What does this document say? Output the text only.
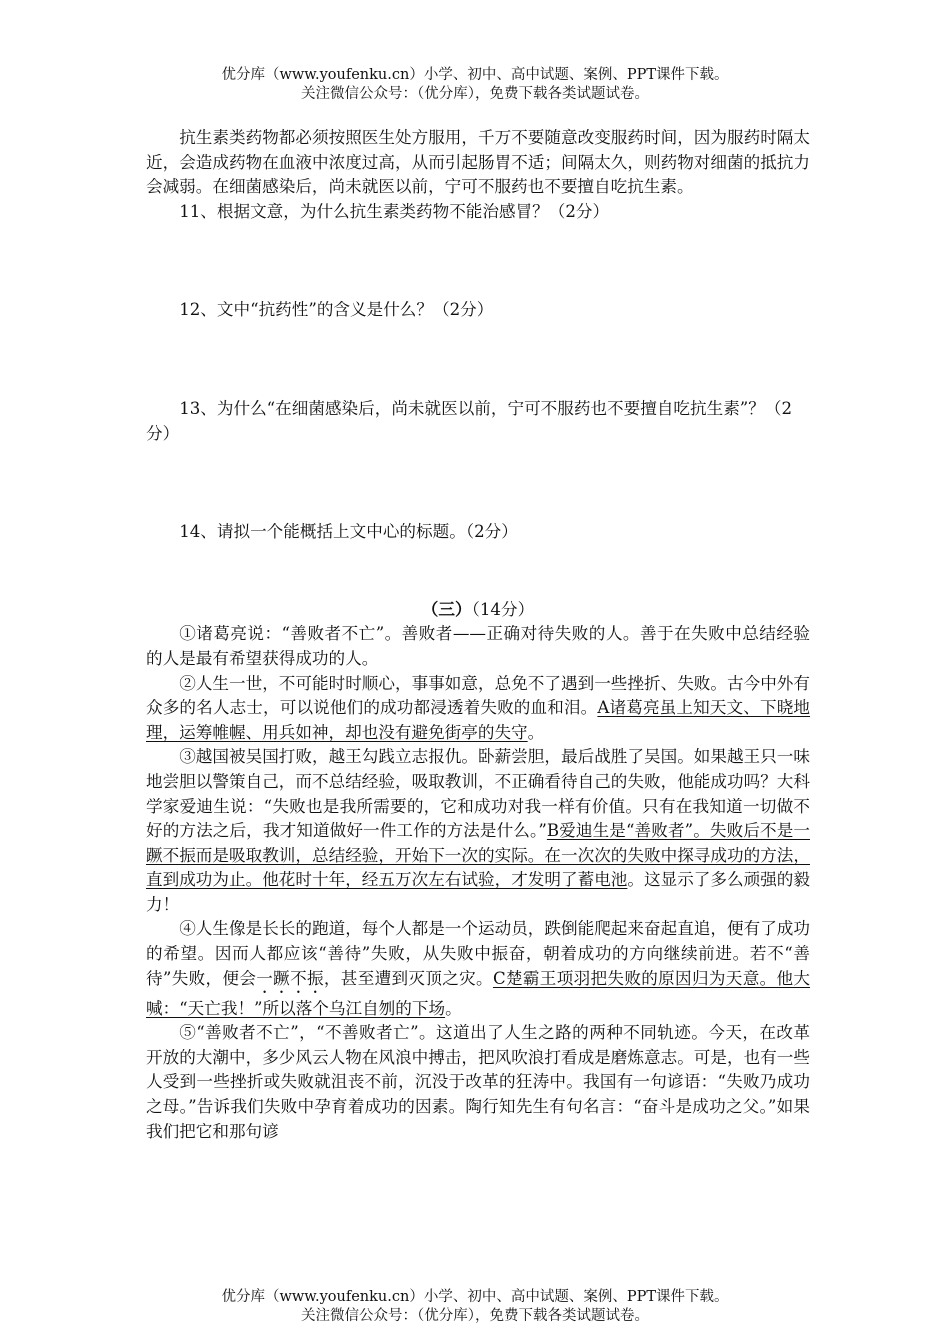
优分库（www.youfenku.cn）小学、初中、高中试题、案例、PPT课件下载。
关注微信公众号：（优分库），免费下载各类试题试卷。

抗生素类药物都必须按照医生处方服用，千万不要随意改变服药时间，因为服药时隔太近，会造成药物在血液中浓度过高，从而引起肠胃不适；间隔太久，则药物对细菌的抵抗力会减弱。在细菌感染后，尚未就医以前，宁可不服药也不要擅自吃抗生素。

11、根据文意，为什么抗生素类药物不能治感冒？（2分）

12、文中“抗药性”的含义是什么？（2分）

13、为什么“在细菌感染后，尚未就医以前，宁可不服药也不要擅自吃抗生素”？（2分）

14、请拟一个能概括上文中心的标题。（2分）

（三）（14分）

①诸葛亮说：“善败者不亡”。善败者——正确对待失败的人。善于在失败中总结经验的人是最有希望获得成功的人。

②人生一世，不可能时时顺心，事事如意，总免不了遇到一些挫折、失败。古今中外有众多的名人志士，可以说他们的成功都浸透着失败的血和泪。A诸葛亮虽上知天文、下晓地理，运筹帷幄、用兵如神，却也没有避免街亭的失守。

③越国被吴国打败，越王勾践立志报仇。卧薪尝胆，最后战胜了吴国。如果越王只一味地尝胆以警策自己，而不总结经验，吸取教训，不正确看待自己的失败，他能成功吗？大科学家爱迪生说：“失败也是我所需要的，它和成功对我一样有价值。只有在我知道一切做不好的方法之后，我才知道做好一件工作的方法是什么。”B爱迪生是“善败者”。失败后不是一蹶不振而是吸取教训，总结经验，开始下一次的实际。在一次次的失败中探寻成功的方法，直到成功为止。他花时十年，经五万次左右试验，才发明了蓄电池。这显示了多么顽强的毅力！

④人生像是长长的跑道，每个人都是一个运动员，跌倒能爬起来奋起直追，便有了成功的希望。因而人都应该“善待”失败，从失败中振奋，朝着成功的方向继续前进。若不“善待”失败，便会一蹶不振，甚至遭到灭顶之灾。C楚霸王项羽把失败的原因归为天意。他大喊：“天亡我！”所以落个乌江自刎的下场。

⑤“善败者不亡”，“不善败者亡”。这道出了人生之路的两种不同轨迹。今天，在改革开放的大潮中，多少风云人物在风浪中搏击，把风吹浪打看成是磨炼意志。可是，也有一些人受到一些挫折或失败就沮丧不前，沉没于改革的狂涛中。我国有一句谚语：“失败乃成功之母。”告诉我们失败中孕育着成功的因素。陶行知先生有句名言：“奋斗是成功之父。”如果我们把它和那句谚

优分库（www.youfenku.cn）小学、初中、高中试题、案例、PPT课件下载。
关注微信公众号：（优分库），免费下载各类试题试卷。
